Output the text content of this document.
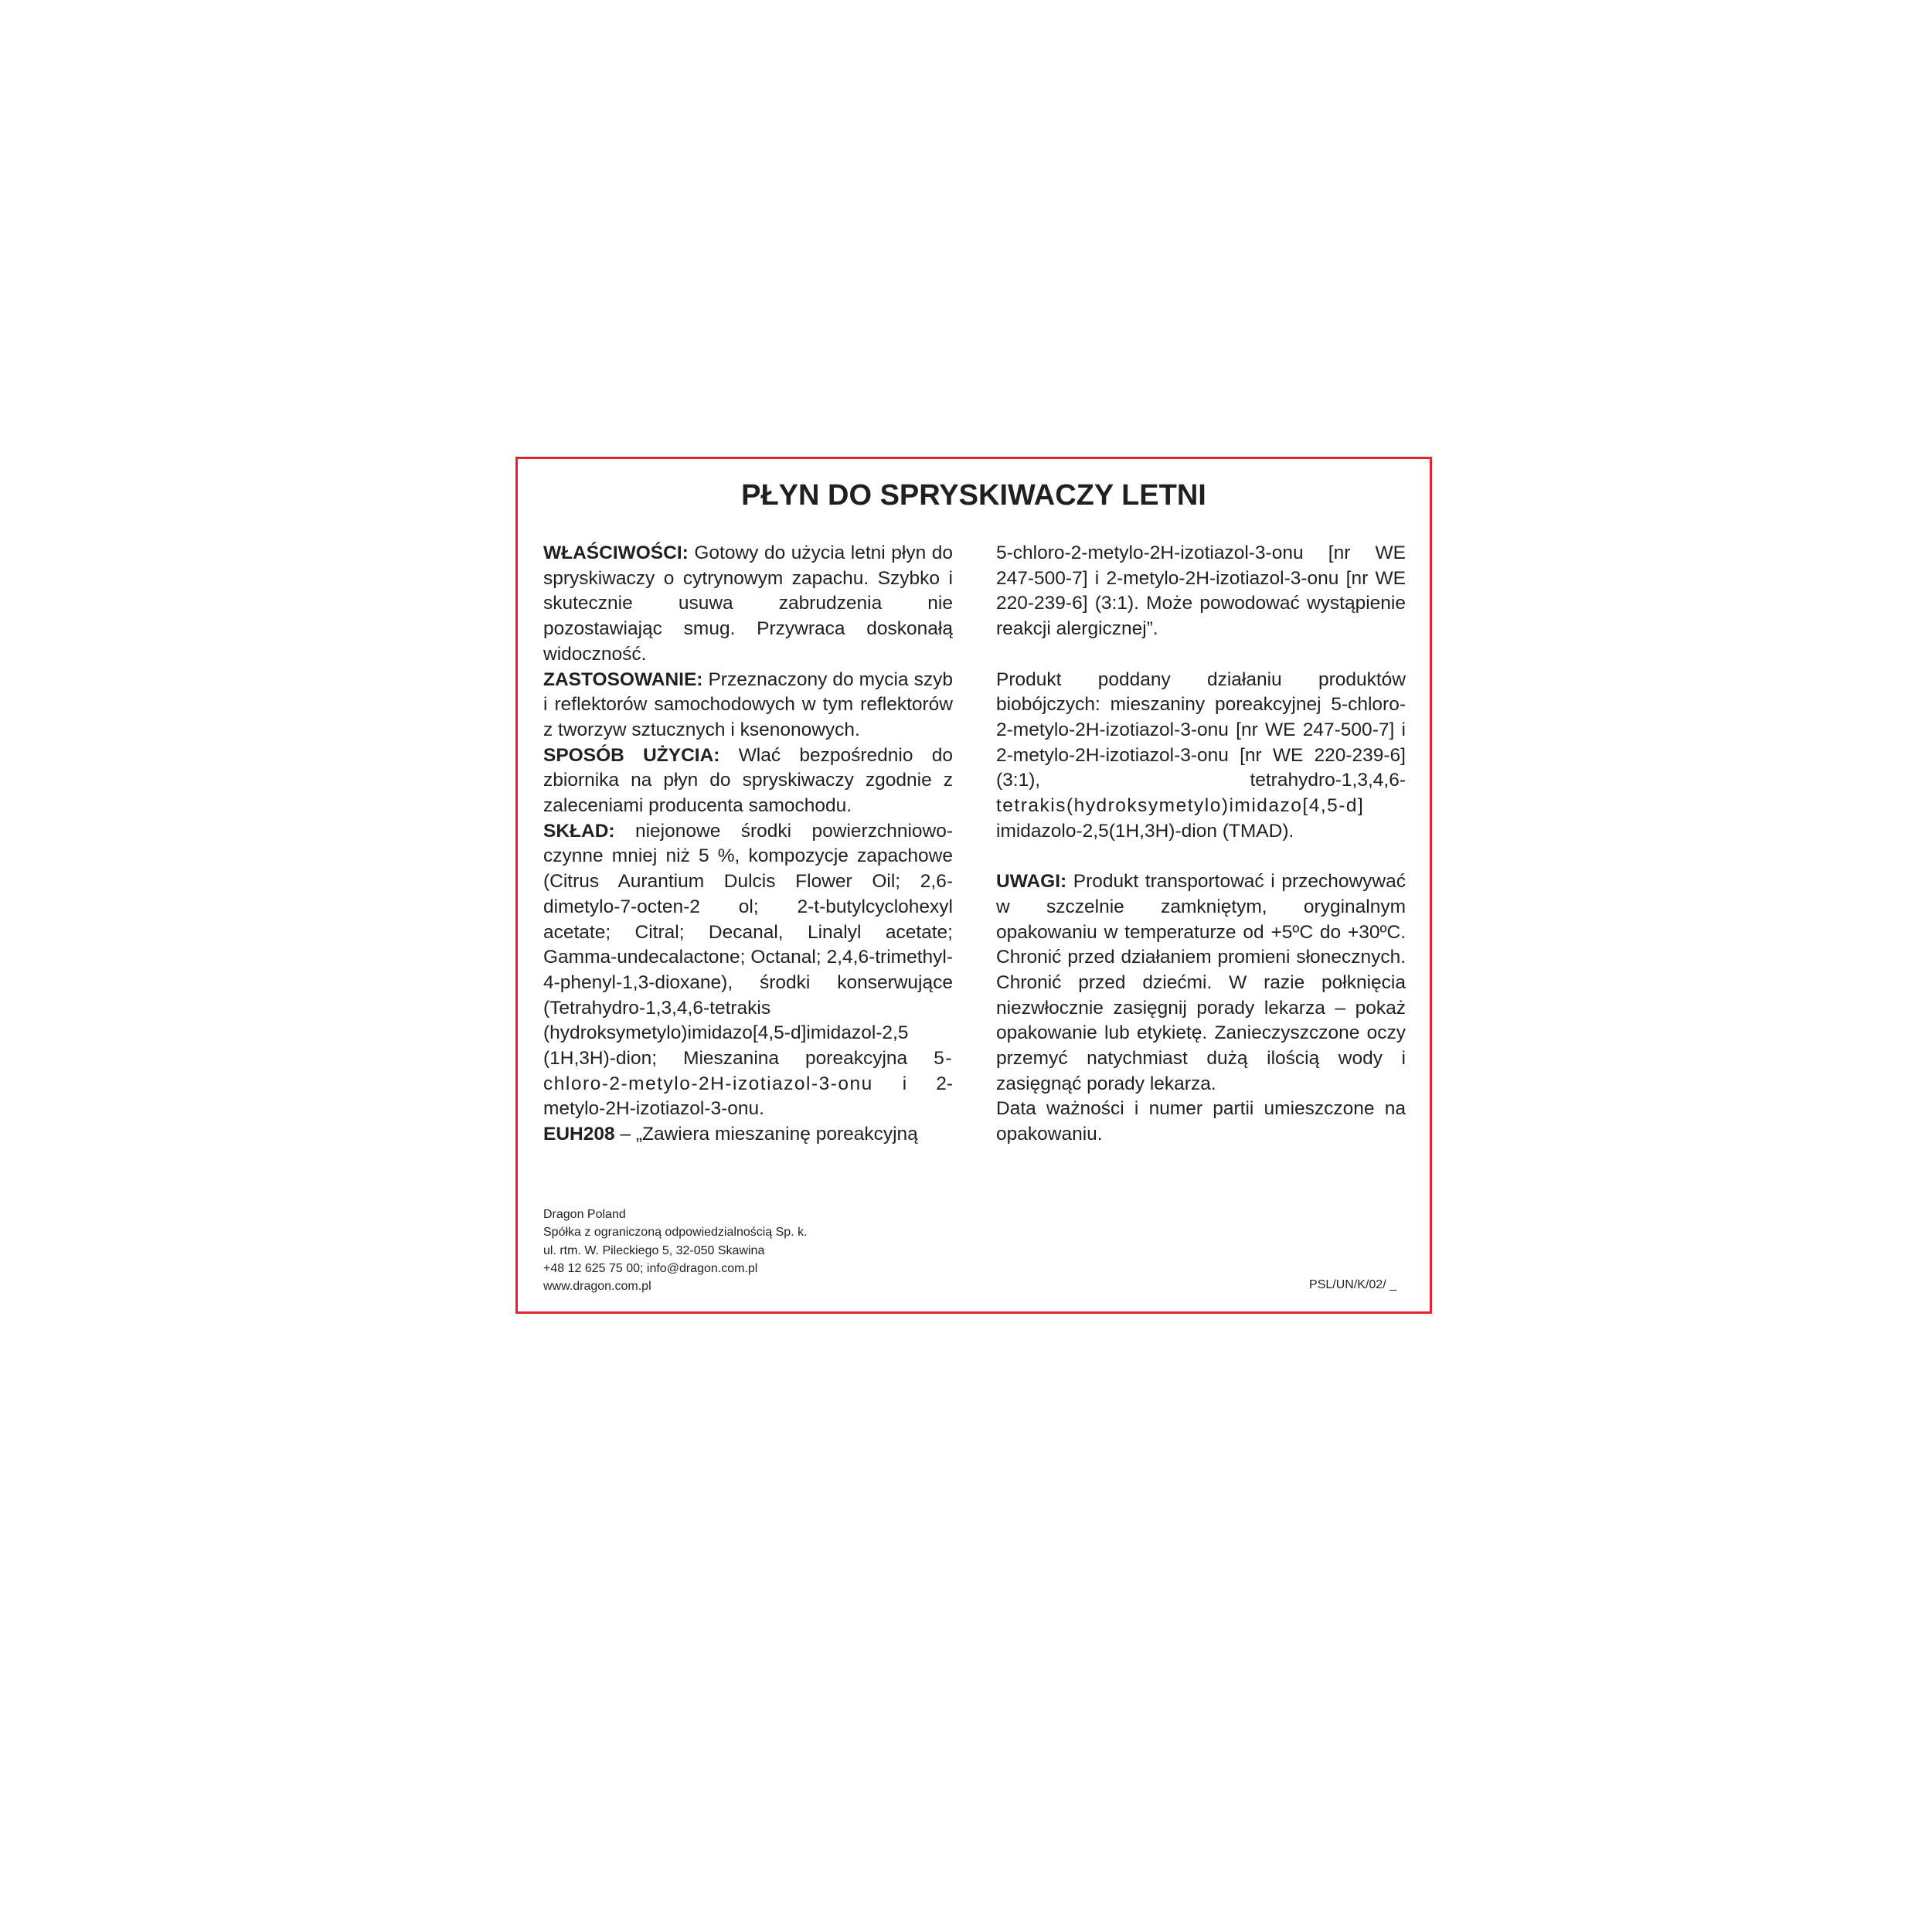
PŁYN DO SPRYSKIWACZY LETNI

WŁAŚCIWOŚCI: Gotowy do użycia letni płyn do spryskiwaczy o cytrynowym zapachu. Szybko i skutecznie usuwa zabrudzenia nie pozostawiając smug. Przywraca doskonałą widoczność.

ZASTOSOWANIE: Przeznaczony do mycia szyb i reflektorów samochodowych w tym reflektorów z tworzyw sztucznych i ksenonowych.

SPOSÓB UŻYCIA: Wlać bezpośrednio do zbiornika na płyn do spryskiwaczy zgodnie z zaleceniami producenta samochodu.

SKŁAD: niejonowe środki powierzchniowo-czynne mniej niż 5 %, kompozycje zapachowe (Citrus Aurantium Dulcis Flower Oil; 2,6-dimetylo-7-octen-2 ol; 2-t-butylcyclohexyl acetate; Citral; Decanal, Linalyl acetate; Gamma-undecalactone; Octanal; 2,4,6-trimethyl-4-phenyl-1,3-dioxane), środki konserwujące (Tetrahydro-1,3,4,6-tetrakis (hydroksymetylo)imidazo[4,5-d]imidazol-2,5 (1H,3H)-dion; Mieszanina poreakcyjna 5-chloro-2-metylo-2H-izotiazol-3-onu i 2-metylo-2H-izotiazol-3-onu.

EUH208 – „Zawiera mieszaninę poreakcyjną

5-chloro-2-metylo-2H-izotiazol-3-onu [nr WE 247-500-7] i 2-metylo-2H-izotiazol-3-onu [nr WE 220-239-6] (3:1). Może powodować wystąpienie reakcji alergicznej”.

Produkt poddany działaniu produktów biobójczych: mieszaniny poreakcyjnej 5-chloro-2-metylo-2H-izotiazol-3-onu [nr WE 247-500-7] i 2-metylo-2H-izotiazol-3-onu [nr WE 220-239-6] (3:1), tetrahydro-1,3,4,6- tetrakis(hydroksymetylo)imidazo[4,5-d] imidazolo-2,5(1H,3H)-dion (TMAD).

UWAGI: Produkt transportować i przechowywać w szczelnie zamkniętym, oryginalnym opakowaniu w temperaturze od +5ºC do +30ºC. Chronić przed działaniem promieni słonecznych. Chronić przed dziećmi. W razie połknięcia niezwłocznie zasięgnij porady lekarza – pokaż opakowanie lub etykietę. Zanieczyszczone oczy przemyć natychmiast dużą ilością wody i zasięgnąć porady lekarza.

Data ważności i numer partii umieszczone na opakowaniu.

Dragon Poland
Spółka z ograniczoną odpowiedzialnością Sp. k.
ul. rtm. W. Pileckiego 5, 32-050 Skawina
+48 12 625 75 00; info@dragon.com.pl
www.dragon.com.pl	PSL/UN/K/02/ _
